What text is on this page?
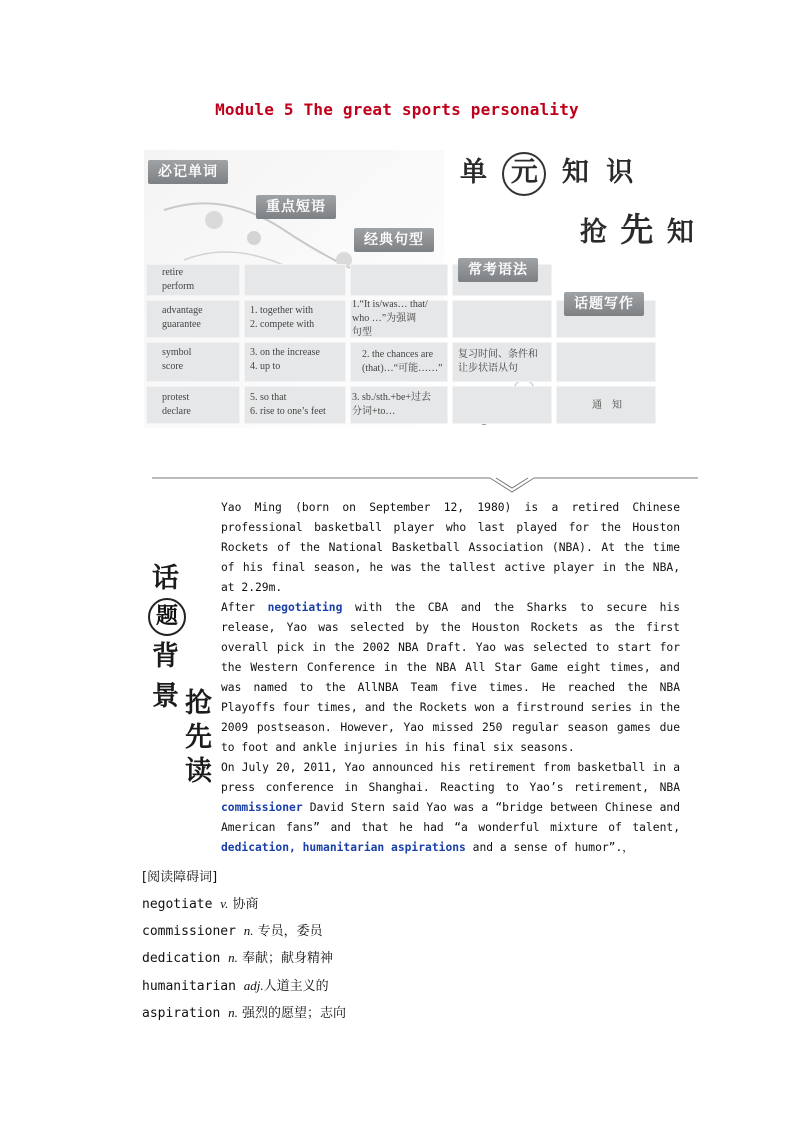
Module 5 The great sports personality
必记单词
重点短语
经典句型
常考语法
话题写作
单 元 知 识
抢 先 知
retire
perform
advantage
guarantee
symbol
score
protest
declare
1. together with
2. compete with
3. on the increase
4. up to
5. so that
6. rise to one’s feet
1.“It is/was… that/
who …”为强调
句型
2. the chances are
(that)…“可能……”
3. sb./sth.+be+过去
分词+to…
复习时间、条件和
让步状语从句
通　知
话
题
背
景 抢
先
读

Yao Ming (born on September 12, 1980) is a retired Chinese professional basketball player who last played for the Houston Rockets of the National Basketball Association (NBA). At the time of his final season, he was the tallest active player in the NBA, at 2.29m.

After negotiating with the CBA and the Sharks to secure his release, Yao was selected by the Houston Rockets as the first overall pick in the 2002 NBA Draft. Yao was selected to start for the Western Conference in the NBA All Star Game eight times, and was named to the AllNBA Team five times. He reached the NBA Playoffs four times, and the Rockets won a firstround series in the 2009 postseason. However, Yao missed 250 regular season games due to foot and ankle injuries in his final six seasons.

On July 20, 2011, Yao announced his retirement from basketball in a press conference in Shanghai. Reacting to Yao’s retirement, NBA commissioner David Stern said Yao was a “bridge between Chinese and American fans” and that he had “a wonderful mixture of talent, dedication, humanitarian aspirations and a sense of humor”.，

[阅读障碍词]
negotiate v. 协商
commissioner n. 专员，委员
dedication n. 奉献；献身精神
humanitarian adj.人道主义的
aspiration n. 强烈的愿望；志向
